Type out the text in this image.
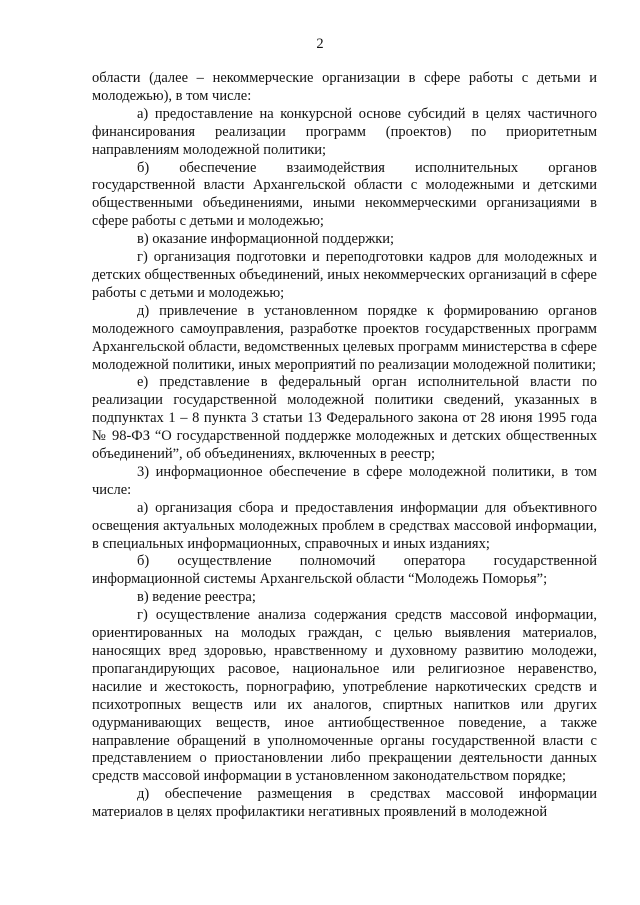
2

области (далее – некоммерческие организации в сфере работы с детьми и молодежью), в том числе:

а) предоставление на конкурсной основе субсидий в целях частичного финансирования реализации программ (проектов) по приоритетным направлениям молодежной политики;

б) обеспечение взаимодействия исполнительных органов государственной власти Архангельской области с молодежными и детскими общественными объединениями, иными некоммерческими организациями в сфере работы с детьми и молодежью;

в) оказание информационной поддержки;

г) организация подготовки и переподготовки кадров для молодежных и детских общественных объединений, иных некоммерческих организаций в сфере работы с детьми и молодежью;

д) привлечение в установленном порядке к формированию органов молодежного самоуправления, разработке проектов государственных программ Архангельской области, ведомственных целевых программ министерства в сфере молодежной политики, иных мероприятий по реализации молодежной политики;

е) представление в федеральный орган исполнительной власти по реализации государственной молодежной политики сведений, указанных в подпунктах 1 – 8 пункта 3 статьи 13 Федерального закона от 28 июня 1995 года № 98-ФЗ “О государственной поддержке молодежных и детских общественных объединений”, об объединениях, включенных в реестр;

3) информационное обеспечение в сфере молодежной политики, в том числе:

а) организация сбора и предоставления информации для объективного освещения актуальных молодежных проблем в средствах массовой информации, в специальных информационных, справочных и иных изданиях;

б) осуществление полномочий оператора государственной информационной системы Архангельской области “Молодежь Поморья”;

в) ведение реестра;

г) осуществление анализа содержания средств массовой информации, ориентированных на молодых граждан, с целью выявления материалов, наносящих вред здоровью, нравственному и духовному развитию молодежи, пропагандирующих расовое, национальное или религиозное неравенство, насилие и жестокость, порнографию, употребление наркотических средств и психотропных веществ или их аналогов, спиртных напитков или других одурманивающих веществ, иное антиобщественное поведение, а также направление обращений в уполномоченные органы государственной власти с представлением о приостановлении либо прекращении деятельности данных средств массовой информации в установленном законодательством порядке;

д) обеспечение размещения в средствах массовой информации материалов в целях профилактики негативных проявлений в молодежной
